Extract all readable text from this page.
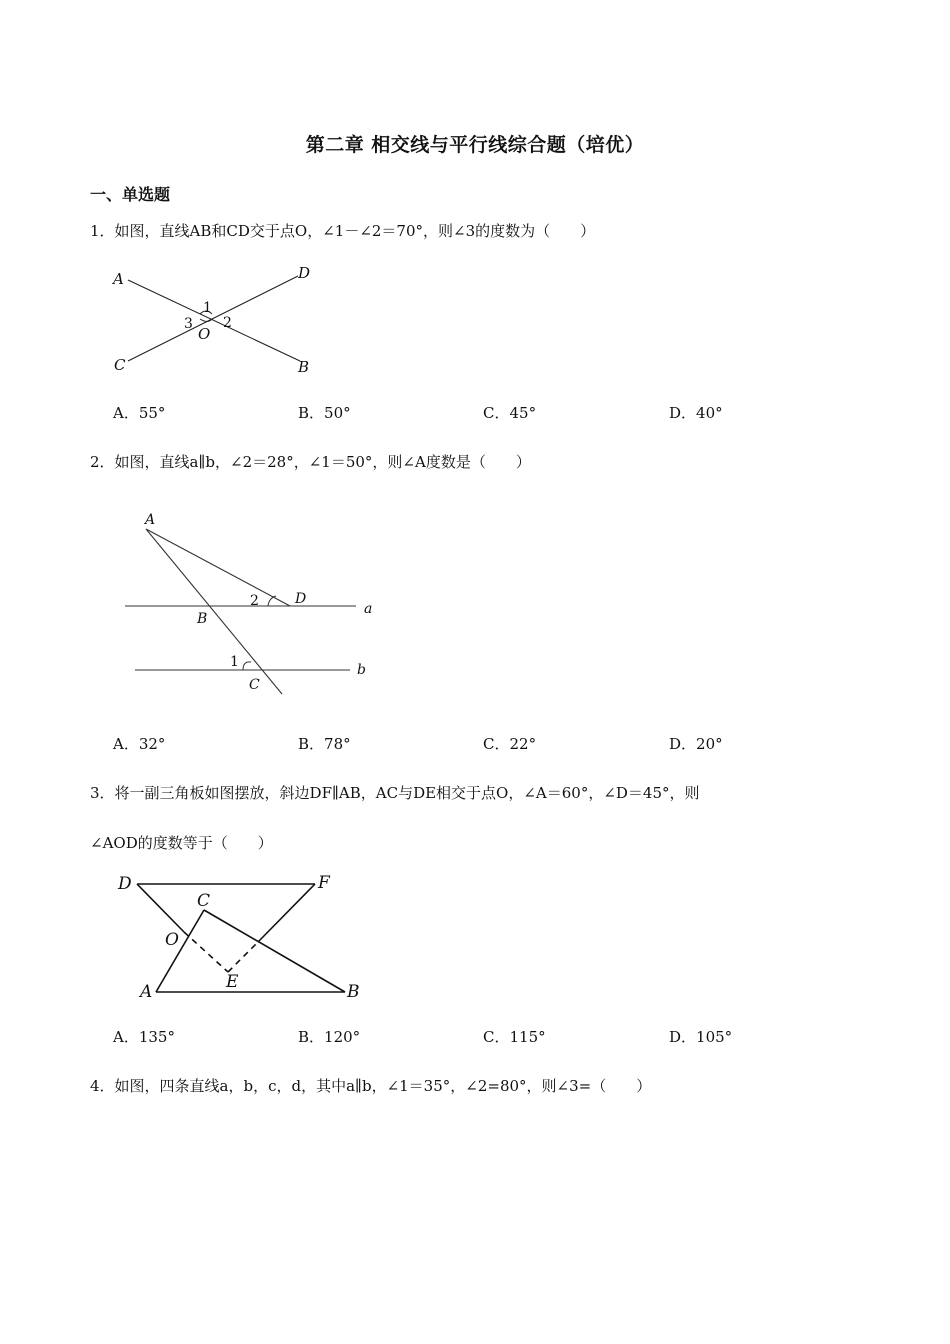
第二章 相交线与平行线综合题（培优）
一、单选题
1．如图，直线AB和CD交于点O，∠1－∠2＝70°，则∠3的度数为（　　）
A	D
C	B
O
1
2
3
A．55°	B．50°	C．45°	D．40°
2．如图，直线a∥b，∠2＝28°，∠1＝50°，则∠A度数是（　　）
A
D
B
C
a
b
2
1
A．32°	B．78°	C．22°	D．20°
3．将一副三角板如图摆放，斜边DF∥AB，AC与DE相交于点O，∠A＝60°，∠D＝45°，则
∠AOD的度数等于（　　）
D	F
C
O
E
A	B
A．135°	B．120°	C．115°	D．105°
4．如图，四条直线a，b，c，d，其中a∥b，∠1＝35°，∠2=80°，则∠3=（　　）
